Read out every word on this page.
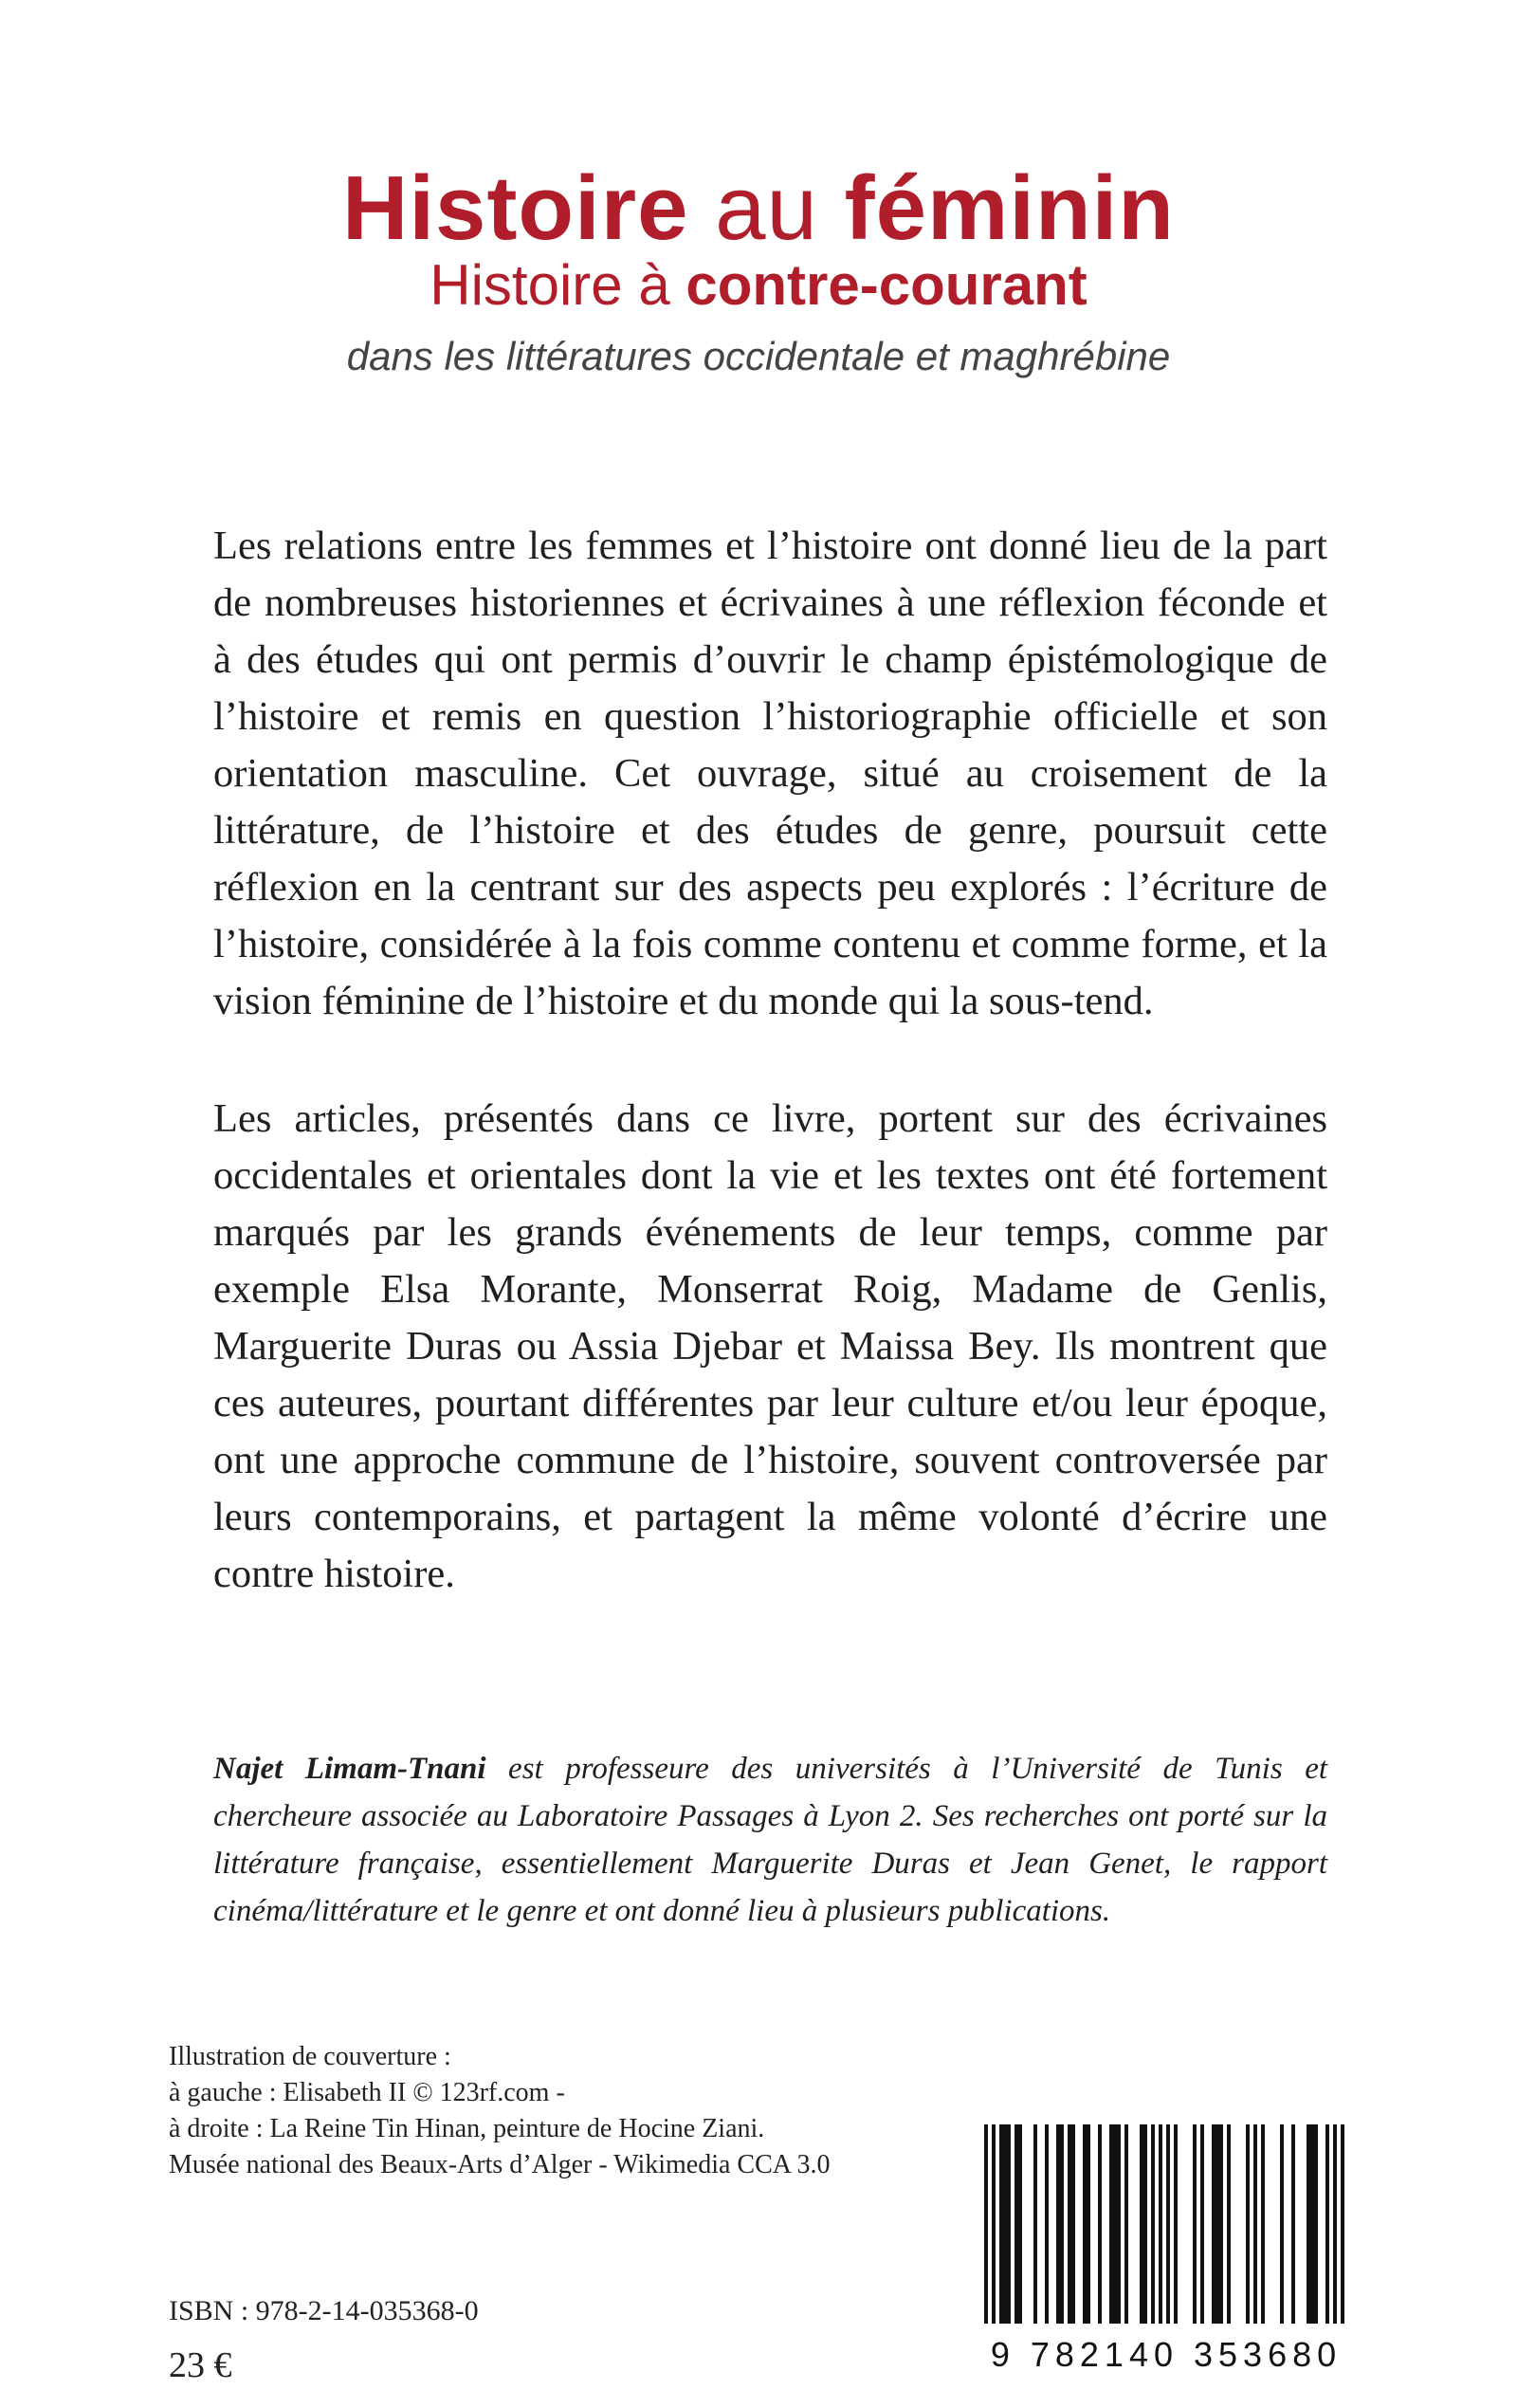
Histoire au féminin
Histoire à contre-courant
dans les littératures occidentale et maghrébine

Les relations entre les femmes et l’histoire ont donné lieu de la part de nombreuses historiennes et écrivaines à une réflexion féconde et à des études qui ont permis d’ouvrir le champ épistémologique de l’histoire et remis en question l’historiographie officielle et son orientation masculine. Cet ouvrage, situé au croisement de la littérature, de l’histoire et des études de genre, poursuit cette réflexion en la centrant sur des aspects peu explorés : l’écriture de l’histoire, considérée à la fois comme contenu et comme forme, et la vision féminine de l’histoire et du monde qui la sous-tend.

Les articles, présentés dans ce livre, portent sur des écrivaines occidentales et orientales dont la vie et les textes ont été fortement marqués par les grands événements de leur temps, comme par exemple Elsa Morante, Monserrat Roig, Madame de Genlis, Marguerite Duras ou Assia Djebar et Maissa Bey. Ils montrent que ces auteures, pourtant différentes par leur culture et/ou leur époque, ont une approche commune de l’histoire, souvent controversée par leurs contemporains, et partagent la même volonté d’écrire une contre histoire.

Najet Limam-Tnani est professeure des universités à l’Université de Tunis et chercheure associée au Laboratoire Passages à Lyon 2. Ses recherches ont porté sur la littérature française, essentiellement Marguerite Duras et Jean Genet, le rapport cinéma/littérature et le genre et ont donné lieu à plusieurs publications.
Illustration de couverture :
à gauche : Elisabeth II © 123rf.com -
à droite : La Reine Tin Hinan, peinture de Hocine Ziani.
Musée national des Beaux-Arts d’Alger - Wikimedia CCA 3.0
ISBN : 978-2-14-035368-0
23 €	9 782140 353680
